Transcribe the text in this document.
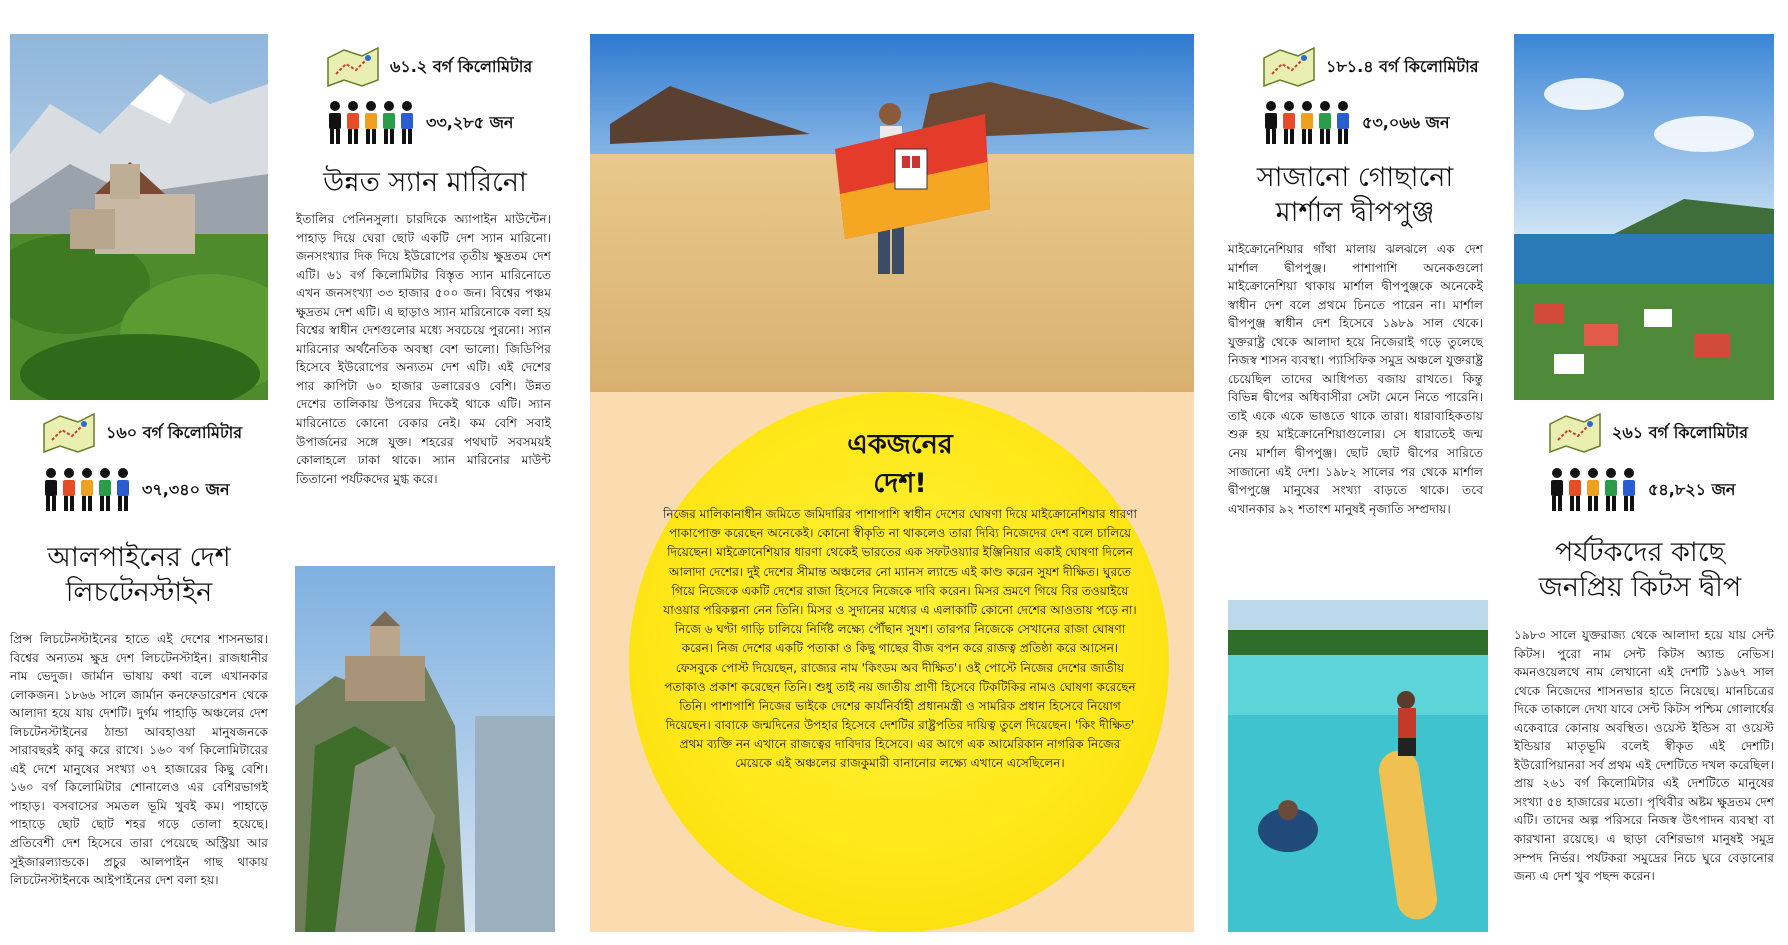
১৬০ বর্গ কিলোমিটার
৩৭,৩৪০ জন
আলপাইনের দেশ
লিচটেনস্টাইন
প্রিন্স লিচটেনস্টাইনের হাতে এই দেশের শাসনভার। বিশ্বের অন্যতম ক্ষুদ্র দেশ লিচটেনস্টাইন। রাজধানীর নাম ভেদুজ। জার্মান ভাষায় কথা বলে এখানকার লোকজন। ১৮৬৬ সালে জার্মান কনফেডারেশন থেকে আলাদা হয়ে যায় দেশটি। দুর্গম পাহাড়ি অঞ্চলের দেশ লিচটেনস্টাইনের ঠান্ডা আবহাওয়া মানুষজনকে সারাবছরই কাবু করে রাখে। ১৬০ বর্গ কিলোমিটারের এই দেশে মানুষের সংখ্যা ৩৭ হাজারের কিছু বেশি। ১৬০ বর্গ কিলোমিটার শোনালেও এর বেশিরভাগই পাহাড়। বসবাসের সমতল ভূমি খুবই কম। পাহাড়ে পাহাড়ে ছোট ছোট শহর গড়ে তোলা হয়েছে। প্রতিবেশী দেশ হিসেবে তারা পেয়েছে অস্ট্রিয়া আর সুইজারল্যান্ডকে। প্রচুর আলপাইন গাছ থাকায় লিচটেনস্টাইনকে আইপাইনের দেশ বলা হয়।
৬১.২ বর্গ কিলোমিটার
৩৩,২৮৫ জন
উন্নত স্যান মারিনো
ইতালির পেনিনসুলা। চারদিকে অ্যাপাইন মাউন্টেন। পাহাড় দিয়ে ঘেরা ছোট একটি দেশ স্যান মারিনো। জনসংখ্যার দিক দিয়ে ইউরোপের তৃতীয় ক্ষুদ্রতম দেশ এটি। ৬১ বর্গ কিলোমিটার বিস্তৃত স্যান মারিনোতে এখন জনসংখ্যা ৩৩ হাজার ৫০০ জন। বিশ্বের পঞ্চম ক্ষুদ্রতম দেশ এটি। এ ছাড়াও স্যান মারিনোকে বলা হয় বিশ্বের স্বাধীন দেশগুলোর মধ্যে সবচেয়ে পুরনো। স্যান মারিনোর অর্থনৈতিক অবস্থা বেশ ভালো। জিডিপির হিসেবে ইউরোপের অন্যতম দেশ এটি। এই দেশের পার কাপিটা ৬০ হাজার ডলারেরও বেশি। উন্নত দেশের তালিকায় উপরের দিকেই থাকে এটি। স্যান মারিনোতে কোনো বেকার নেই। কম বেশি সবাই উপার্জনের সঙ্গে যুক্ত। শহরের পথঘাট সবসময়ই কোলাহলে ঢাকা থাকে। স্যান মারিনোর মাউন্ট তিতানো পর্যটকদের মুগ্ধ করে।
একজনের
দেশ!
নিজের মালিকানাধীন জমিতে জমিদারির পাশাপাশি স্বাধীন দেশের ঘোষণা দিয়ে মাইক্রোনেশিয়ার ধারণা পাকাপোক্ত করেছেন অনেকেই। কোনো স্বীকৃতি না থাকলেও তারা দিব্যি নিজেদের দেশ বলে চালিয়ে দিয়েছেন। মাইক্রোনেশিয়ার ধারণা থেকেই ভারতের এক সফটওয়্যার ইঞ্জিনিয়ার একাই ঘোষণা দিলেন আলাদা দেশের। দুই দেশের সীমান্ত অঞ্চলের নো ম্যানস ল্যান্ডে এই কাণ্ড করেন সুযশ দীক্ষিত। ঘুরতে গিয়ে নিজেকে একটি দেশের রাজা হিসেবে নিজেকে দাবি করেন। মিসর ভ্রমণে গিয়ে বির তওয়াইয়ে যাওয়ার পরিকল্পনা নেন তিনি। মিসর ও সুদানের মধ্যের এ এলাকাটি কোনো দেশের আওতায় পড়ে না। নিজে ৬ ঘণ্টা গাড়ি চালিয়ে নির্দিষ্ট লক্ষ্যে পৌঁছান সুযশ। তারপর নিজেকে সেখানের রাজা ঘোষণা করেন। নিজ দেশের একটি পতাকা ও কিছু গাছের বীজ বপন করে রাজত্ব প্রতিষ্ঠা করে আসেন। ফেসবুকে পোস্ট দিয়েছেন, রাজ্যের নাম 'কিংডম অব দীক্ষিত'। ওই পোস্টে নিজের দেশের জাতীয় পতাকাও প্রকাশ করেছেন তিনি। শুধু তাই নয় জাতীয় প্রাণী হিসেবে টিকটিকির নামও ঘোষণা করেছেন তিনি। পাশাপাশি নিজের ভাইকে দেশের কার্যনির্বাহী প্রধানমন্ত্রী ও সামরিক প্রধান হিসেবে নিয়োগ দিয়েছেন। বাবাকে জন্মদিনের উপহার হিসেবে দেশটির রাষ্ট্রপতির দায়িত্ব তুলে দিয়েছেন। 'কিং দীক্ষিত' প্রথম ব্যক্তি নন এখানে রাজত্বের দাবিদার হিসেবে। এর আগে এক আমেরিকান নাগরিক নিজের মেয়েকে এই অঞ্চলের রাজকুমারী বানানোর লক্ষ্যে এখানে এসেছিলেন।
১৮১.৪ বর্গ কিলোমিটার
৫৩,০৬৬ জন
সাজানো গোছানো
মার্শাল দ্বীপপুঞ্জ
মাইক্রোনেশিয়ার গাঁথা মালায় ঝলঝলে এক দেশ মার্শাল দ্বীপপুঞ্জ। পাশাপাশি অনেকগুলো মাইক্রোনেশিয়া থাকায় মার্শাল দ্বীপপুঞ্জকে অনেকেই স্বাধীন দেশ বলে প্রথমে চিনতে পারেন না। মার্শাল দ্বীপপুঞ্জ স্বাধীন দেশ হিসেবে ১৯৮৯ সাল থেকে। যুক্তরাষ্ট্র থেকে আলাদা হয়ে নিজেরাই গড়ে তুলেছে নিজস্ব শাসন ব্যবস্থা। প্যাসিফিক সমুদ্র অঞ্চলে যুক্তরাষ্ট্র চেয়েছিল তাদের আধিপত্য বজায় রাখতে। কিন্তু বিভিন্ন দ্বীপের অধিবাসীরা সেটা মেনে নিতে পারেনি। তাই একে একে ভাঙতে থাকে তারা। ধারাবাহিকতায় শুরু হয় মাইক্রোনেশিয়াগুলোর। সে ধারাতেই জন্ম নেয় মার্শাল দ্বীপপুঞ্জ। ছোট ছোট দ্বীপের সারিতে সাজানো এই দেশ। ১৯৮২ সালের পর থেকে মার্শাল দ্বীপপুঞ্জে মানুষের সংখ্যা বাড়তে থাকে। তবে এখানকার ৯২ শতাংশ মানুষই নৃজাতি সম্প্রদায়।
২৬১ বর্গ কিলোমিটার
৫৪,৮২১ জন
পর্যটকদের কাছে
জনপ্রিয় কিটস দ্বীপ
১৯৮৩ সালে যুক্তরাজ্য থেকে আলাদা হয়ে যায় সেন্ট কিটস। পুরো নাম সেন্ট কিটস অ্যান্ড নেভিস। কমনওয়েলথে নাম লেখানো এই দেশটি ১৯৬৭ সাল থেকে নিজেদের শাসনভার হাতে নিয়েছে। মানচিত্রের দিকে তাকালে দেখা যাবে সেন্ট কিটস পশ্চিম গোলার্ধের একেবারে কোনায় অবস্থিত। ওয়েস্ট ইন্ডিস বা ওয়েস্ট ইন্ডিয়ার মাতৃভূমি বলেই স্বীকৃত এই দেশটি। ইউরোপিয়ানরা সর্ব প্রথম এই দেশটিতে দখল করেছিল। প্রায় ২৬১ বর্গ কিলোমিটার এই দেশটিতে মানুষের সংখ্যা ৫৪ হাজারের মতো। পৃথিবীর অষ্টম ক্ষুদ্রতম দেশ এটি। তাদের অল্প পরিসরে নিজস্ব উৎপাদন ব্যবস্থা বা কারখানা রয়েছে। এ ছাড়া বেশিরভাগ মানুষই সমুদ্র সম্পদ নির্ভর। পর্যটকরা সমুদ্রের নিচে ঘুরে বেড়ানোর জন্য এ দেশ খুব পছন্দ করেন।
